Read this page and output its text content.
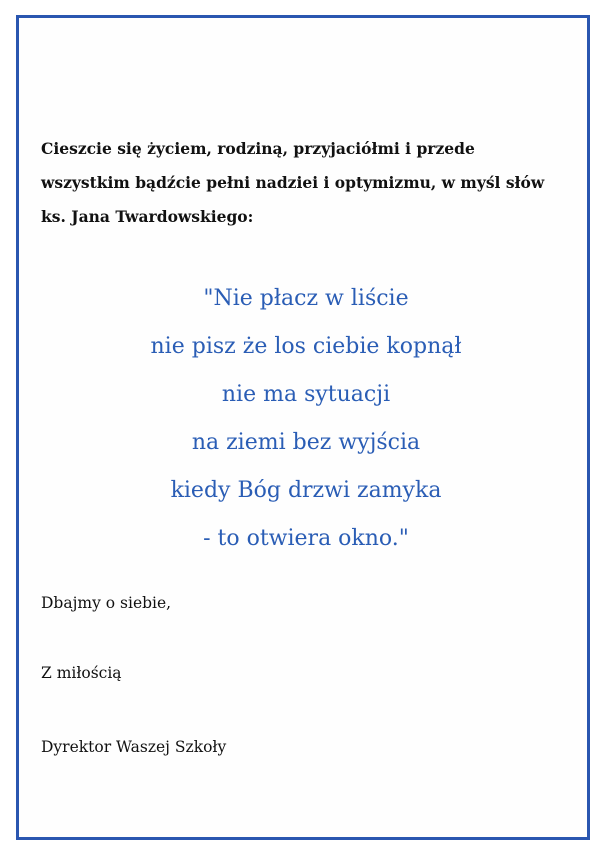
Cieszcie się życiem, rodziną, przyjaciółmi i przede
wszystkim bądźcie pełni nadziei i optymizmu, w myśl słów
ks. Jana Twardowskiego:

"Nie płacz w liście
nie pisz że los ciebie kopnął
nie ma sytuacji
na ziemi bez wyjścia
kiedy Bóg drzwi zamyka
- to otwiera okno."

Dbajmy o siebie,

Z miłością

Dyrektor Waszej Szkoły
